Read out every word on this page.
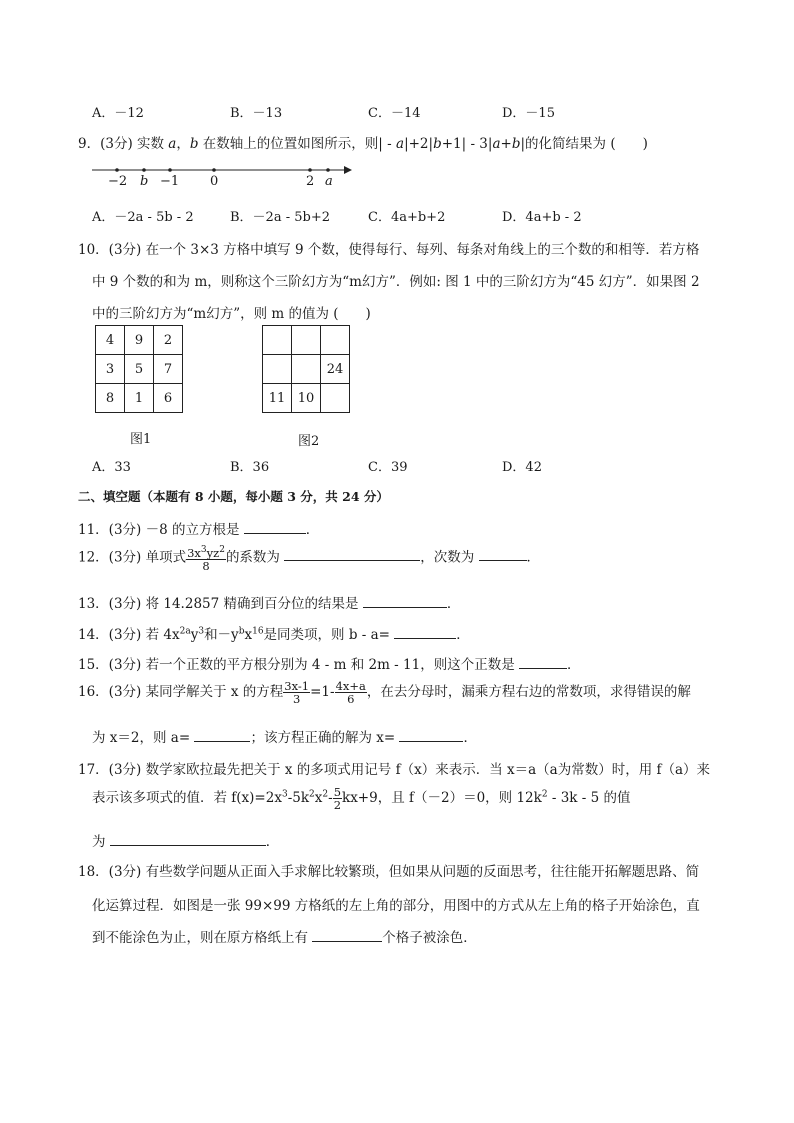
A．－12	B．－13	C．－14	D．－15
9．(3分) 实数 a，b 在数轴上的位置如图所示，则| - a|+2|b+1| - 3|a+b|的化简结果为 (　　)
−2 b −1 0	2 a
A．－2a - 5b - 2	B．－2a - 5b+2	C．4a+b+2	D．4a+b - 2
10．(3分) 在一个 3×3 方格中填写 9 个数，使得每行、每列、每条对角线上的三个数的和相等．若方格
中 9 个数的和为 m，则称这个三阶幻方为“m幻方”．例如: 图 1 中的三阶幻方为“45 幻方”．如果图 2
中的三阶幻方为“m幻方”，则 m 的值为 (　　)
4	9	2
3	5	7
8	1	6

		24
11	10	
图1	图2
A．33	B．36	C．39	D．42
二、填空题（本题有 8 小题，每小题 3 分，共 24 分）
11．(3分) －8 的立方根是	．
12．(3分) 单项式 $\frac{3x^3yz^2}{8}$ 的系数为	，次数为	．
13．(3分) 将 14.2857 精确到百分位的结果是	．
14．(3分) 若 $4x^{2a}y^3$和$-y^bx^{16}$是同类项，则 b - a=	．
15．(3分) 若一个正数的平方根分别为 4 - m 和 2m - 11，则这个正数是	．
16．(3分) 某同学解关于 x 的方程 $\frac{3x-1}{3} =1- \frac{4x+a}{6}$ ，在去分母时，漏乘方程右边的常数项，求得错误的解
为 x＝2，则 a=	；该方程正确的解为 x=	．
17．(3分) 数学家欧拉最先把关于 x 的多项式用记号 f（x）来表示．当 x＝a（a为常数）时，用 f（a）来
表示该多项式的值．若 $f(x)=2x^3-5k^2x^2- \frac{5}{2} kx+9$，且 f（－2）＝0，则 $12k^2 - 3k - 5$ 的值
为	．
18．(3分) 有些数学问题从正面入手求解比较繁琐，但如果从问题的反面思考，往往能开拓解题思路、简
化运算过程．如图是一张 99×99 方格纸的左上角的部分，用图中的方式从左上角的格子开始涂色，直
到不能涂色为止，则在原方格纸上有	个格子被涂色．
